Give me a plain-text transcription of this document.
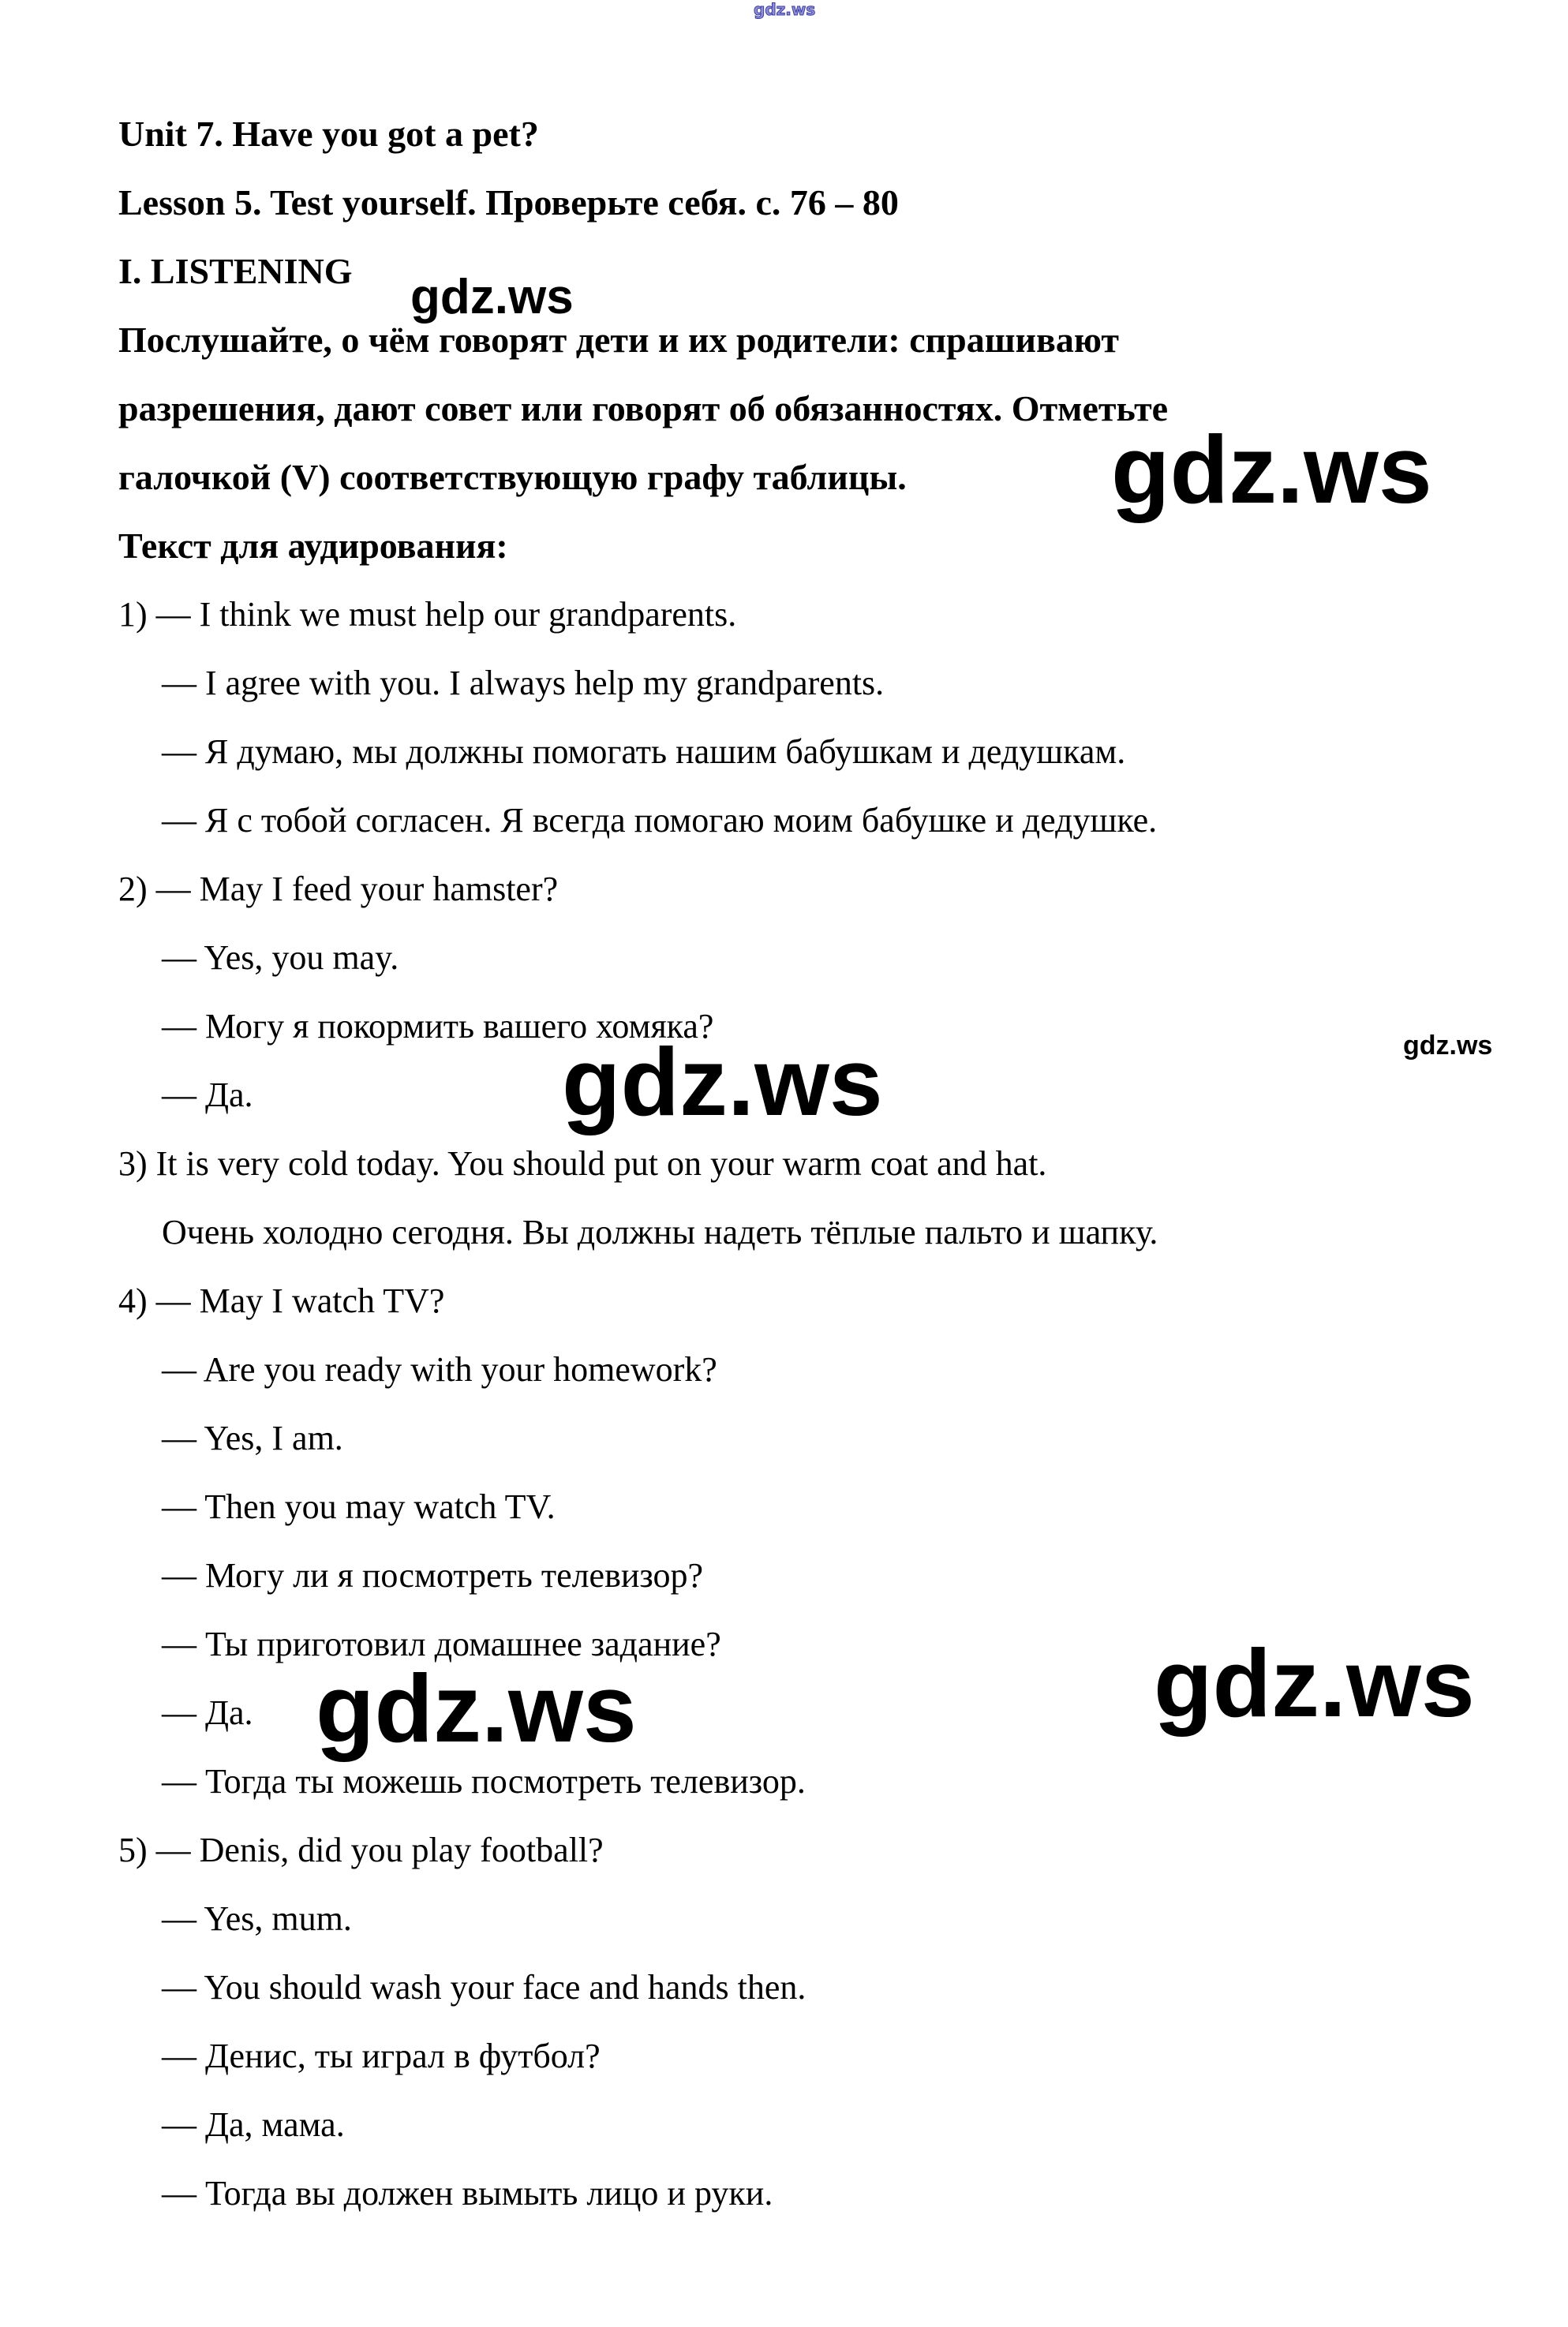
gdz.ws
gdz.ws
gdz.ws
gdz.ws	gdz.ws
gdz.ws	gdz.ws
Unit 7. Have you got a pet?
Lesson 5. Test yourself. Проверьте себя. с. 76 – 80
I. LISTENING
Послушайте, о чём говорят дети и их родители: спрашивают
разрешения, дают совет или говорят об обязанностях. Отметьте
галочкой (V) соответствующую графу таблицы.
Текст для аудирования:
1) — I think we must help our grandparents.
— I agree with you. I always help my grandparents.
— Я думаю, мы должны помогать нашим бабушкам и дедушкам.
— Я с тобой согласен. Я всегда помогаю моим бабушке и дедушке.
2) — May I feed your hamster?
— Yes, you may.
— Могу я покормить вашего хомяка?
— Да.
3) It is very cold today. You should put on your warm coat and hat.
Очень холодно сегодня. Вы должны надеть тёплые пальто и шапку.
4) — May I watch TV?
— Are you ready with your homework?
— Yes, I am.
— Then you may watch TV.
— Могу ли я посмотреть телевизор?
— Ты приготовил домашнее задание?
— Да.
— Тогда ты можешь посмотреть телевизор.
5) — Denis, did you play football?
— Yes, mum.
— You should wash your face and hands then.
— Денис, ты играл в футбол?
— Да, мама.
— Тогда вы должен вымыть лицо и руки.
